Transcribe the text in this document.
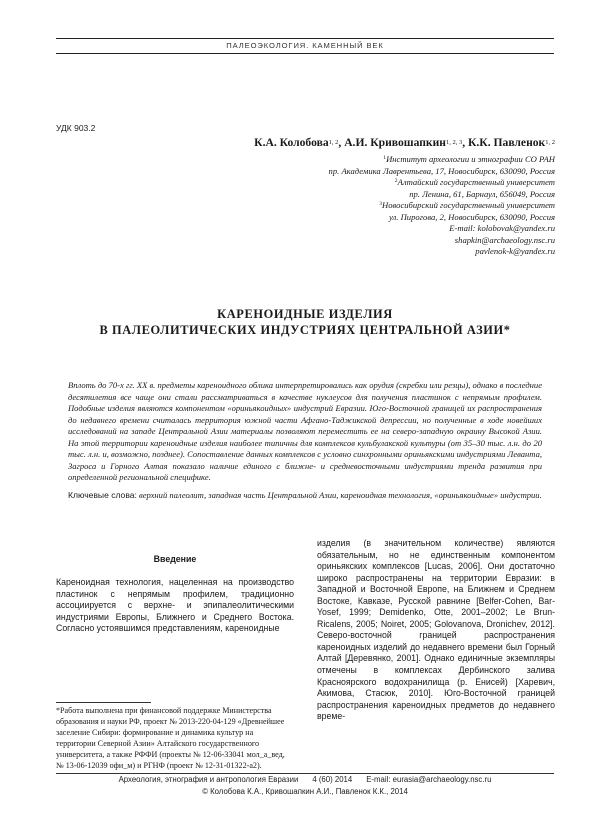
ПАЛЕОЭКОЛОГИЯ. КАМЕННЫЙ ВЕК
УДК 903.2
К.А. Колобова$^{1, 2}$, А.И. Кривошапкин$^{1, 2, 3}$, К.К. Павленок$^{1, 2}$
$^1$Институт археологии и этнографии СО РАН
пр. Академика Лаврентьева, 17, Новосибирск, 630090, Россия
$^2$Алтайский государственный университет
пр. Ленина, 61, Барнаул, 656049, Россия
$^3$Новосибирский государственный университет
ул. Пирогова, 2, Новосибирск, 630090, Россия
E-mail: kolobovak@yandex.ru
shapkin@archaeology.nsc.ru
pavlenok-k@yandex.ru
КАРЕНОИДНЫЕ ИЗДЕЛИЯ
В ПАЛЕОЛИТИЧЕСКИХ ИНДУСТРИЯХ ЦЕНТРАЛЬНОЙ АЗИИ*
Вплоть до 70-х гг. XX в. предметы кареноидного облика интерпретировались как орудия (скребки или резцы), однако в последние десятилетия все чаще они стали рассматриваться в качестве нуклеусов для получения пластинок с непрямым профилем. Подобные изделия являются компонентом «ориньякоидных» индустрий Евразии. Юго-Восточной границей их распространения до недавнего времени считалась территория южной части Афгано-Таджикской депрессии, но полученные в ходе новейших исследований на западе Центральной Азии материалы позволяют переместить ее на северо-западную окраину Высокой Азии. На этой территории кареноидные изделия наиболее типичны для комплексов кульбулакской культуры (от 35–30 тыс. л.н. до 20 тыс. л.н. и, возможно, позднее). Сопоставление данных комплексов с условно синхронными ориньякскими индустриями Леванта, Загроса и Горного Алтая показало наличие единого с ближне- и средневосточными индустриями тренда развития при определенной региональной специфике.
Ключевые слова: верхний палеолит, западная часть Центральной Азии, кареноидная технология, «ориньякоидные» индустрии.
Введение
Кареноидная технология, нацеленная на производство пластинок с непрямым профилем, традиционно ассоциируется с верхне- и эпипалеолитическими индустриями Европы, Ближнего и Среднего Востока. Согласно устоявшимся представлениям, кареноидные
изделия (в значительном количестве) являются обязательным, но не единственным компонентом ориньякских комплексов [Lucas, 2006]. Они достаточно широко распространены на территории Евразии: в Западной и Восточной Европе, на Ближнем и Среднем Востоке, Кавказе, Русской равнине [Belfer-Cohen, Bar-Yosef, 1999; Demidenko, Otte, 2001–2002; Le Brun-Ricalens, 2005; Noiret, 2005; Golovanova, Dronichev, 2012]. Северо-восточной границей распространения кареноидных изделий до недавнего времени был Горный Алтай [Деревянко, 2001]. Однако единичные экземпляры отмечены в комплексах Дербинского залива Красноярского водохранилища (р. Енисей) [Харевич, Акимова, Стасюк, 2010]. Юго-Восточной границей распространения кареноидных предметов до недавнего време-
*Работа выполнена при финансовой поддержке Министерства образования и науки РФ, проект № 2013-220-04-129 «Древнейшее заселение Сибири: формирование и динамика культур на территории Северной Азии» Алтайского государственного университета, а также РФФИ (проекты № 12-06-33041 мол_а_вед, № 13-06-12039 офи_м) и РГНФ (проект № 12-31-01322-а2).
Археология, этнография и антропология Евразии 4 (60) 2014 E-mail: eurasia@archaeology.nsc.ru
© Колобова К.А., Кривошапкин А.И., Павленок К.К., 2014
